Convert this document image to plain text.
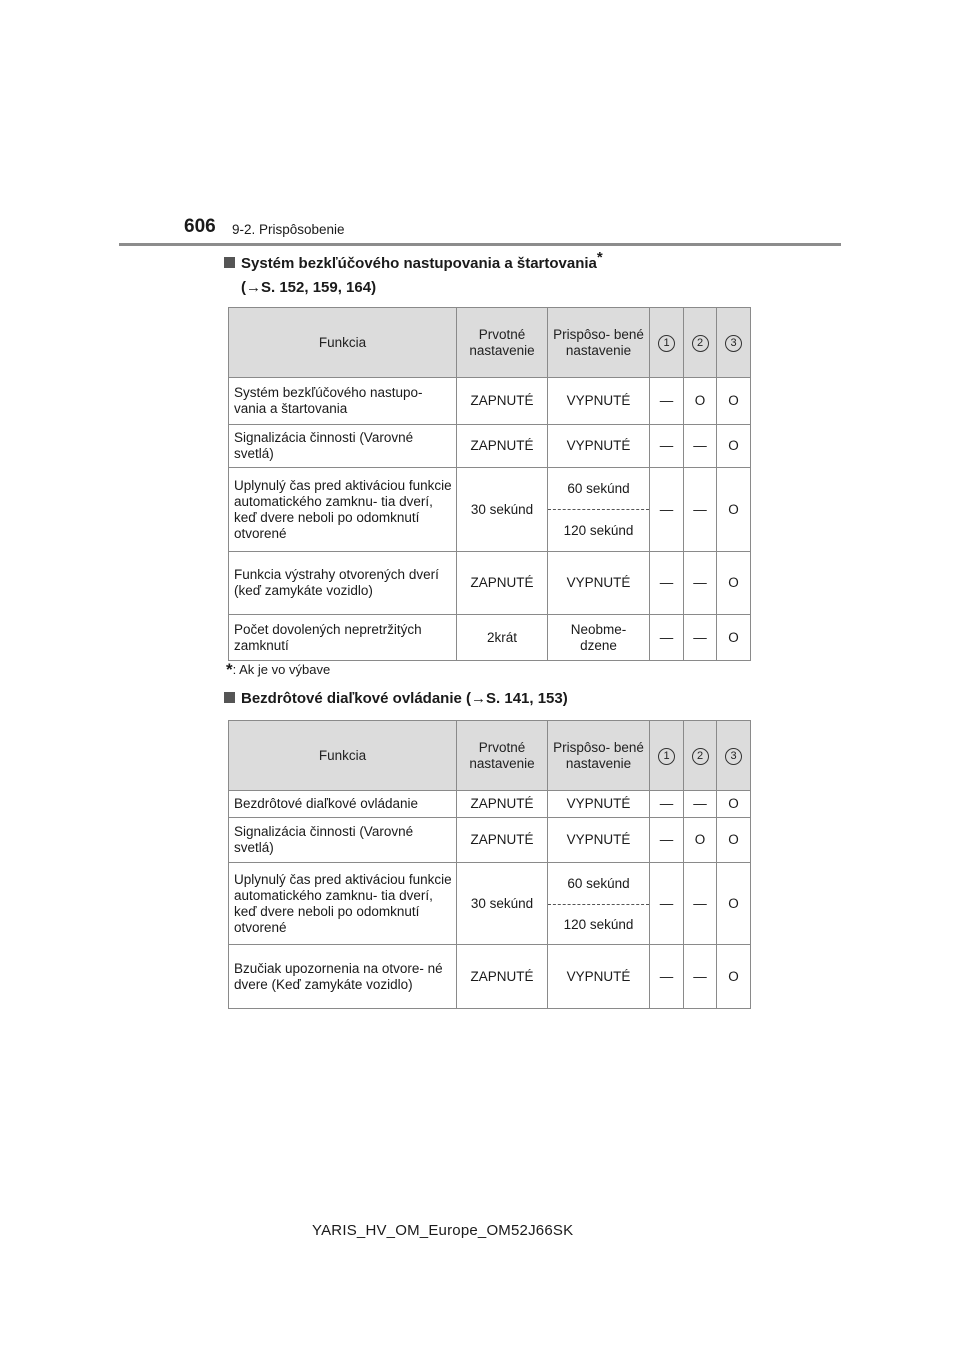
606 9-2. Prispôsobenie
Systém bezkľúčového nastupovania a štartovania*
(→S. 152, 159, 164)
Funkcia	Prvotné nastavenie	Prispôso- bené nastavenie	1	2	3
Systém bezkľúčového nastupo- vania a štartovania	ZAPNUTÉ	VYPNUTÉ	—	O	O
Signalizácia činnosti (Varovné svetlá)	ZAPNUTÉ	VYPNUTÉ	—	—	O
Uplynulý čas pred aktiváciou funkcie automatického zamknu- tia dverí, keď dvere neboli po odomknutí otvorené	30 sekúnd	60 sekúnd	—	—	O
		120 sekúnd			
Funkcia výstrahy otvorených dverí (keď zamykáte vozidlo)	ZAPNUTÉ	VYPNUTÉ	—	—	O
Počet dovolených nepretržitých zamknutí	2krát	Neobme- dzene	—	—	O
*: Ak je vo výbave
Bezdrôtové diaľkové ovládanie (→S. 141, 153)
Funkcia	Prvotné nastavenie	Prispôso- bené nastavenie	1	2	3
Bezdrôtové diaľkové ovládanie	ZAPNUTÉ	VYPNUTÉ	—	—	O
Signalizácia činnosti (Varovné svetlá)	ZAPNUTÉ	VYPNUTÉ	—	O	O
Uplynulý čas pred aktiváciou funkcie automatického zamknu- tia dverí, keď dvere neboli po odomknutí otvorené	30 sekúnd	60 sekúnd	—	—	O
		120 sekúnd			
Bzučiak upozornenia na otvore- né dvere (Keď zamykáte vozidlo)	ZAPNUTÉ	VYPNUTÉ	—	—	O
YARIS_HV_OM_Europe_OM52J66SK
